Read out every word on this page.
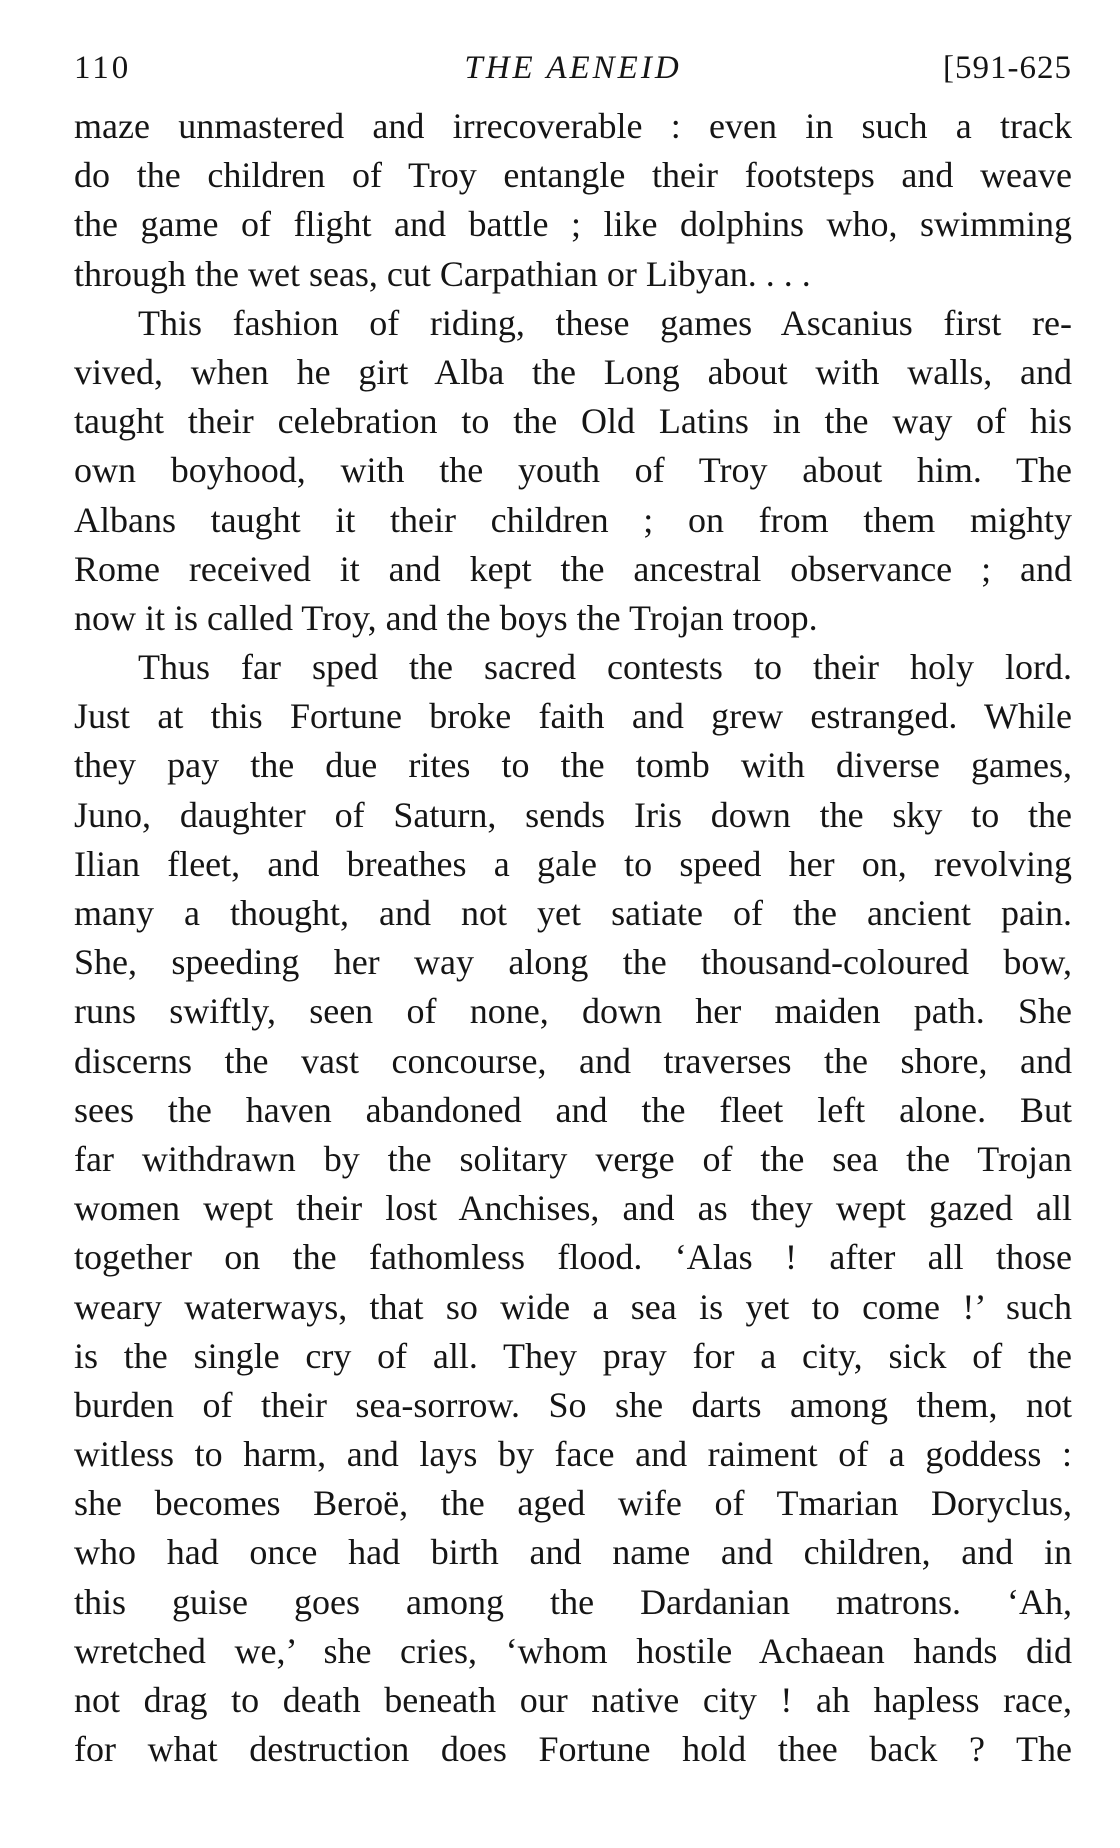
110	THE AENEID	[591-625
maze unmastered and irrecoverable : even in such a track
do the children of Troy entangle their footsteps and weave
the game of flight and battle ; like dolphins who, swimming
through the wet seas, cut Carpathian or Libyan. . . .
This fashion of riding, these games Ascanius first re-
vived, when he girt Alba the Long about with walls, and
taught their celebration to the Old Latins in the way of his
own boyhood, with the youth of Troy about him. The
Albans taught it their children ; on from them mighty
Rome received it and kept the ancestral observance ; and
now it is called Troy, and the boys the Trojan troop.
Thus far sped the sacred contests to their holy lord.
Just at this Fortune broke faith and grew estranged. While
they pay the due rites to the tomb with diverse games,
Juno, daughter of Saturn, sends Iris down the sky to the
Ilian fleet, and breathes a gale to speed her on, revolving
many a thought, and not yet satiate of the ancient pain.
She, speeding her way along the thousand-coloured bow,
runs swiftly, seen of none, down her maiden path. She
discerns the vast concourse, and traverses the shore, and
sees the haven abandoned and the fleet left alone. But
far withdrawn by the solitary verge of the sea the Trojan
women wept their lost Anchises, and as they wept gazed all
together on the fathomless flood. ‘Alas ! after all those
weary waterways, that so wide a sea is yet to come !’ such
is the single cry of all. They pray for a city, sick of the
burden of their sea-sorrow. So she darts among them, not
witless to harm, and lays by face and raiment of a goddess :
she becomes Beroë, the aged wife of Tmarian Doryclus,
who had once had birth and name and children, and in
this guise goes among the Dardanian matrons. ‘Ah,
wretched we,’ she cries, ‘whom hostile Achaean hands did
not drag to death beneath our native city ! ah hapless race,
for what destruction does Fortune hold thee back ? The
